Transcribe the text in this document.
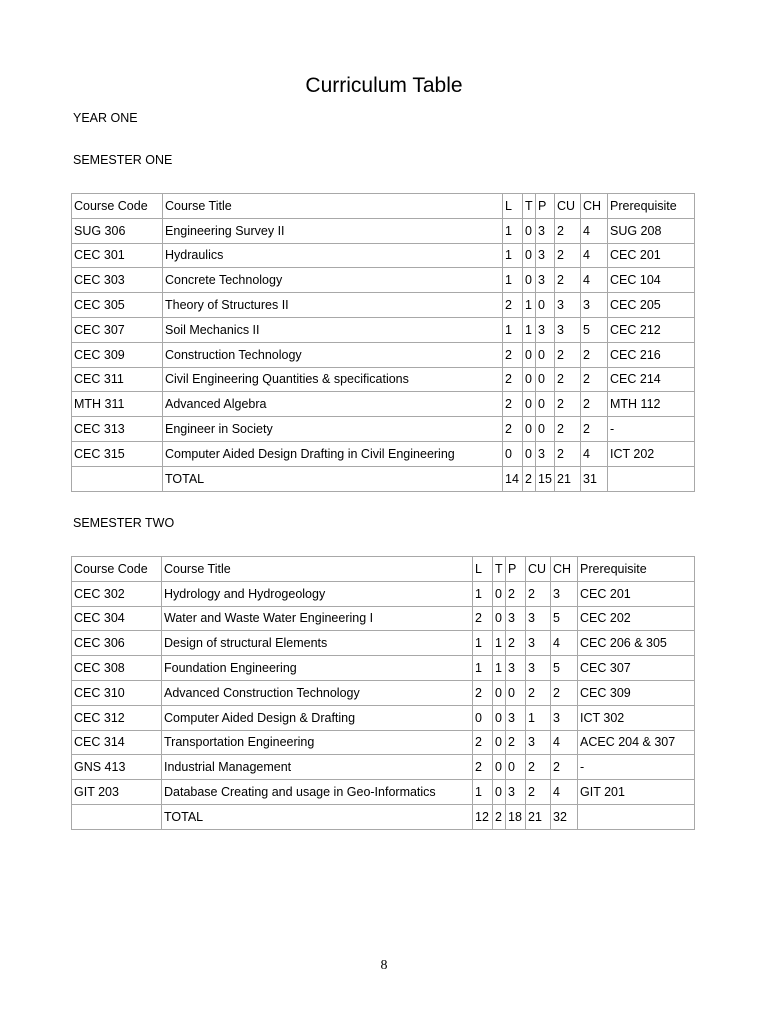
Curriculum Table
YEAR ONE
SEMESTER ONE
Course Code	Course Title	L	T	P	CU	CH	Prerequisite
SUG 306	Engineering Survey II	1	0	3	2	4	SUG 208
CEC 301	Hydraulics	1	0	3	2	4	CEC 201
CEC 303	Concrete Technology	1	0	3	2	4	CEC 104
CEC 305	Theory of Structures II	2	1	0	3	3	CEC 205
CEC 307	Soil Mechanics II	1	1	3	3	5	CEC 212
CEC 309	Construction Technology	2	0	0	2	2	CEC 216
CEC 311	Civil Engineering Quantities & specifications	2	0	0	2	2	CEC 214
MTH 311	Advanced Algebra	2	0	0	2	2	MTH 112
CEC 313	Engineer in Society	2	0	0	2	2	-
CEC 315	Computer Aided Design Drafting in Civil Engineering	0	0	3	2	4	ICT 202
	TOTAL	14	2	15	21	31	
SEMESTER TWO
Course Code	Course Title	L	T	P	CU	CH	Prerequisite
CEC 302	Hydrology and Hydrogeology	1	0	2	2	3	CEC 201
CEC 304	Water and Waste Water Engineering I	2	0	3	3	5	CEC 202
CEC 306	Design of structural Elements	1	1	2	3	4	CEC 206 & 305
CEC 308	Foundation Engineering	1	1	3	3	5	CEC 307
CEC 310	Advanced Construction Technology	2	0	0	2	2	CEC 309
CEC 312	Computer Aided Design & Drafting	0	0	3	1	3	ICT 302
CEC 314	Transportation Engineering	2	0	2	3	4	ACEC 204 & 307
GNS 413	Industrial Management	2	0	0	2	2	-
GIT 203	Database Creating and usage in Geo-Informatics	1	0	3	2	4	GIT 201
	TOTAL	12	2	18	21	32	
8
